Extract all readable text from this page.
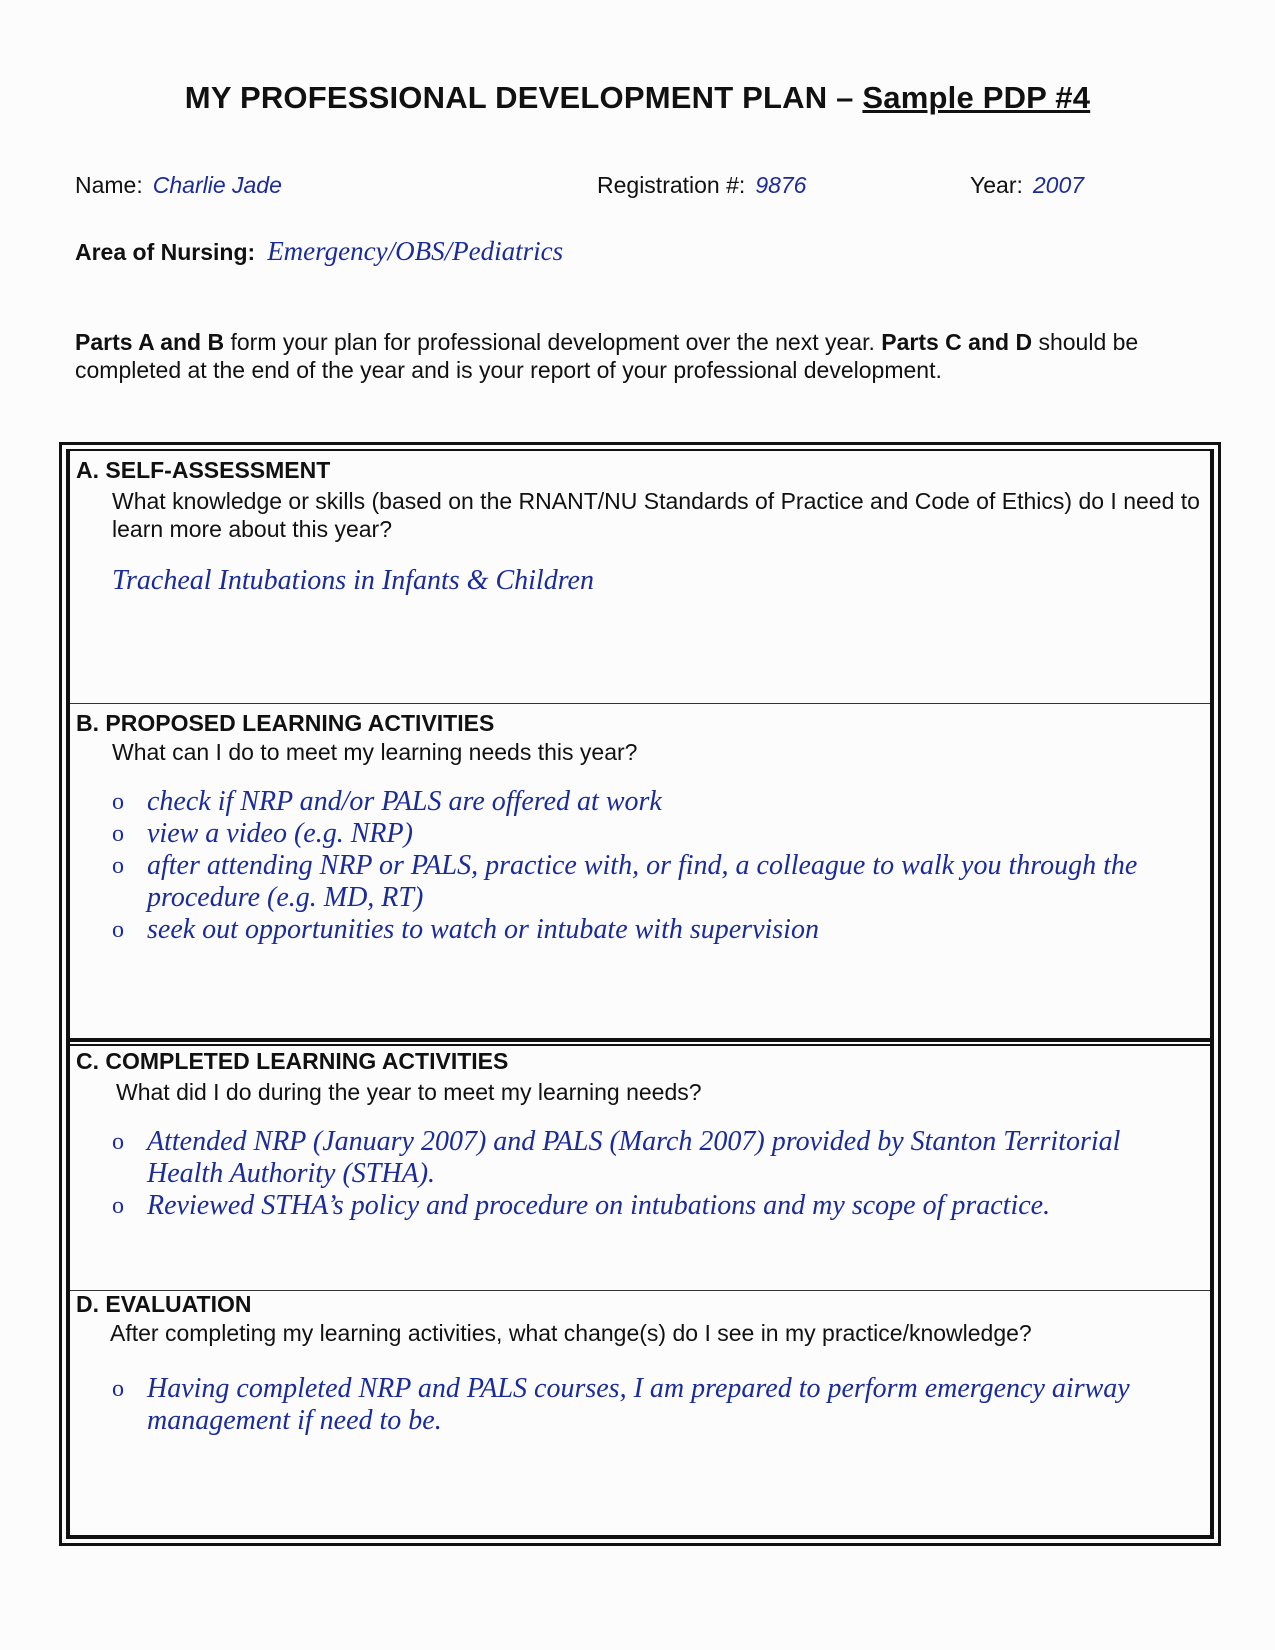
MY PROFESSIONAL DEVELOPMENT PLAN – Sample PDP #4
Name: Charlie Jade	Registration #: 9876	Year: 2007
Area of Nursing: Emergency/OBS/Pediatrics
Parts A and B form your plan for professional development over the next year. Parts C and D should be completed at the end of the year and is your report of your professional development.
A. SELF-ASSESSMENT
What knowledge or skills (based on the RNANT/NU Standards of Practice and Code of Ethics) do I need to learn more about this year?
Tracheal Intubations in Infants & Children
B. PROPOSED LEARNING ACTIVITIES
What can I do to meet my learning needs this year?
o check if NRP and/or PALS are offered at work
o view a video (e.g. NRP)
o after attending NRP or PALS, practice with, or find, a colleague to walk you through the procedure (e.g. MD, RT)
o seek out opportunities to watch or intubate with supervision
C. COMPLETED LEARNING ACTIVITIES
What did I do during the year to meet my learning needs?
o Attended NRP (January 2007) and PALS (March 2007) provided by Stanton Territorial Health Authority (STHA).
o Reviewed STHA’s policy and procedure on intubations and my scope of practice.
D. EVALUATION
After completing my learning activities, what change(s) do I see in my practice/knowledge?
o Having completed NRP and PALS courses, I am prepared to perform emergency airway management if need to be.
